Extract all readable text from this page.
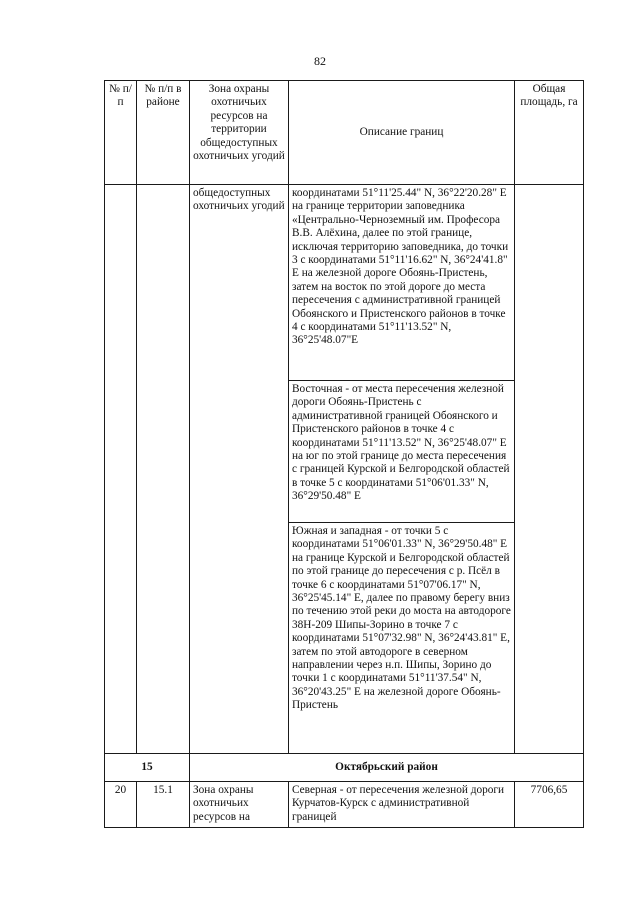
82
№ п/п	№ п/п в районе	Зона охраны охотничьих ресурсов на территории общедоступных охотничьих угодий	Описание границ	Общая площадь, га
		общедоступных охотничьих угодий	координатами 51°11'25.44" N, 36°22'20.28" Е на границе территории заповедника «Центрально-Черноземный им. Професора В.В. Алёхина, далее по этой границе, исключая территорию заповедника, до точки 3 с координатами 51°11'16.62" N, 36°24'41.8" Е на железной дороге Обоянь-Пристень, затем на восток по этой дороге до места пересечения с административной границей Обоянского и Пристенского районов в точке 4 с координатами 51°11'13.52" N, 36°25'48.07"Е	
			Восточная - от места пересечения железной дороги Обоянь-Пристень с административной границей Обоянского и Пристенского районов в точке 4 с координатами 51°11'13.52" N, 36°25'48.07" Е на юг по этой границе до места пересечения с границей Курской и Белгородской областей в точке 5 с координатами 51°06'01.33" N, 36°29'50.48" Е	

			Южная и западная - от точки 5 с координатами 51°06'01.33" N, 36°29'50.48" Е на границе Курской и Белгородской областей по этой границе до пересечения с р. Псёл в точке 6 с координатами 51°07'06.17" N, 36°25'45.14" Е, далее по правому берегу вниз по течению этой реки до моста на автодороге 38Н-209 Шипы-Зорино в точке 7 с координатами 51°07'32.98" N, 36°24'43.81" Е, затем по этой автодороге в северном направлении через н.п. Шипы, Зорино до точки 1 с координатами 51°11'37.54" N, 36°20'43.25" Е на железной дороге Обоянь-Пристень	

15		Октябрьский район		
20	15.1	Зона охраны охотничьих ресурсов на	Северная - от пересечения железной дороги Курчатов-Курск с административной границей	7706,65
